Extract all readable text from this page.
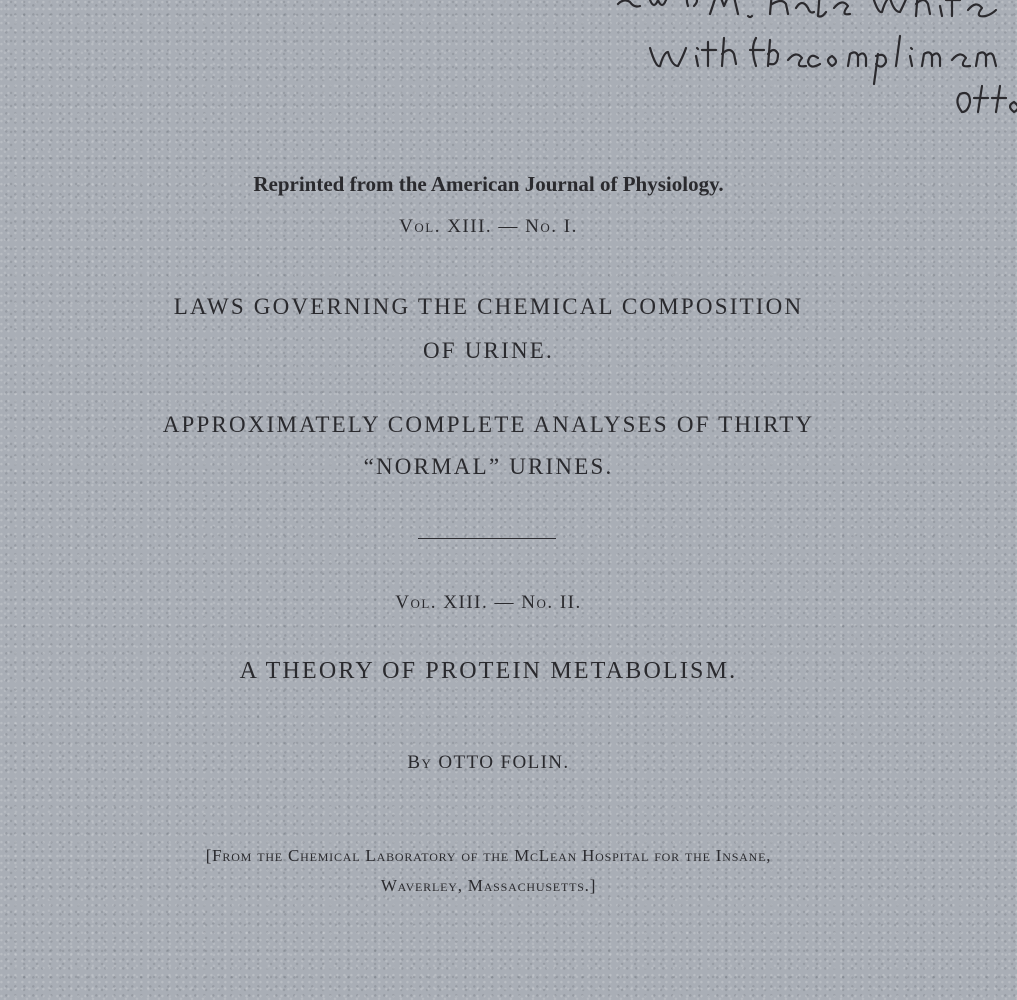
Reprinted from the American Journal of Physiology.
Vol. XIII. — No. I.
LAWS GOVERNING THE CHEMICAL COMPOSITION
OF URINE.
APPROXIMATELY COMPLETE ANALYSES OF THIRTY
“NORMAL” URINES.
Vol. XIII. — No. II.
A THEORY OF PROTEIN METABOLISM.
By OTTO FOLIN.
[From the Chemical Laboratory of the McLean Hospital for the Insane,
Waverley, Massachusetts.]
